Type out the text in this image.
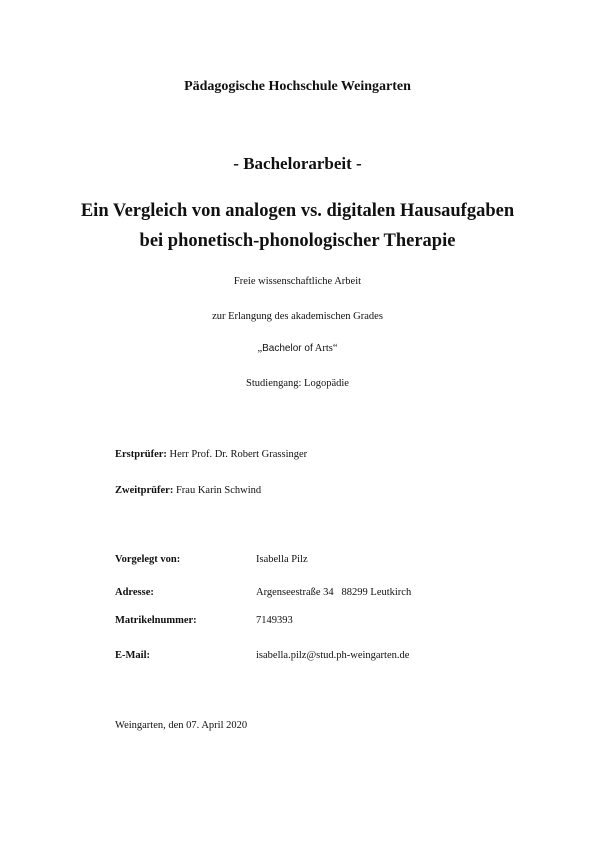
Pädagogische Hochschule Weingarten
- Bachelorarbeit -
Ein Vergleich von analogen vs. digitalen Hausaufgaben
bei phonetisch-phonologischer Therapie
Freie wissenschaftliche Arbeit
zur Erlangung des akademischen Grades
„Bachelor of Arts“
Studiengang: Logopädie
Erstprüfer: Herr Prof. Dr. Robert Grassinger
Zweitprüfer: Frau Karin Schwind
Vorgelegt von:	Isabella Pilz
Adresse:	Argenseestraße 34   88299 Leutkirch
Matrikelnummer:	7149393
E-Mail:	isabella.pilz@stud.ph-weingarten.de
Weingarten, den 07. April 2020
